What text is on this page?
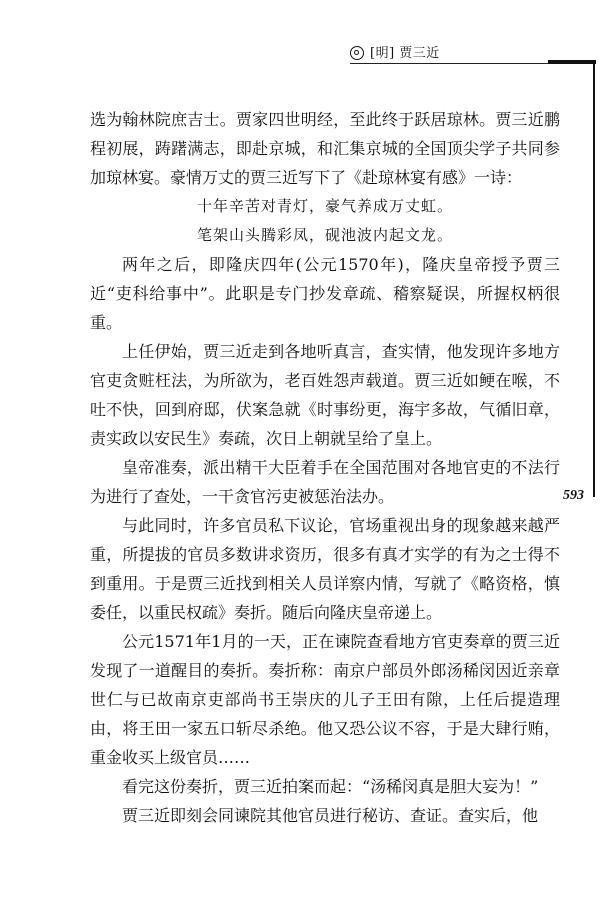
[明] 贾三近
593

选为翰林院庶吉士。贾家四世明经，至此终于跃居琼林。贾三近鹏程初展，踌躇满志，即赴京城，和汇集京城的全国顶尖学子共同参加琼林宴。豪情万丈的贾三近写下了《赴琼林宴有感》一诗：

十年辛苦对青灯，豪气养成万丈虹。

笔架山头腾彩凤，砚池波内起文龙。

两年之后，即隆庆四年(公元1570年)，隆庆皇帝授予贾三近“吏科给事中”。此职是专门抄发章疏、稽察疑误，所握权柄很重。

上任伊始，贾三近走到各地听真言，查实情，他发现许多地方官吏贪赃枉法，为所欲为，老百姓怨声载道。贾三近如鲠在喉，不吐不快，回到府邸，伏案急就《时事纷更，海宇多故，气循旧章，责实政以安民生》奏疏，次日上朝就呈给了皇上。

皇帝准奏，派出精干大臣着手在全国范围对各地官吏的不法行为进行了查处，一干贪官污吏被惩治法办。

与此同时，许多官员私下议论，官场重视出身的现象越来越严重，所提拔的官员多数讲求资历，很多有真才实学的有为之士得不到重用。于是贾三近找到相关人员详察内情，写就了《略资格，慎委任，以重民权疏》奏折。随后向隆庆皇帝递上。

公元1571年1月的一天，正在谏院查看地方官吏奏章的贾三近发现了一道醒目的奏折。奏折称：南京户部员外郎汤稀闵因近亲章世仁与已故南京吏部尚书王崇庆的儿子王田有隙，上任后提造理由，将王田一家五口斩尽杀绝。他又恐公议不容，于是大肆行贿，重金收买上级官员……

看完这份奏折，贾三近拍案而起：“汤稀闵真是胆大妄为！”

贾三近即刻会同谏院其他官员进行秘访、查证。查实后，他
